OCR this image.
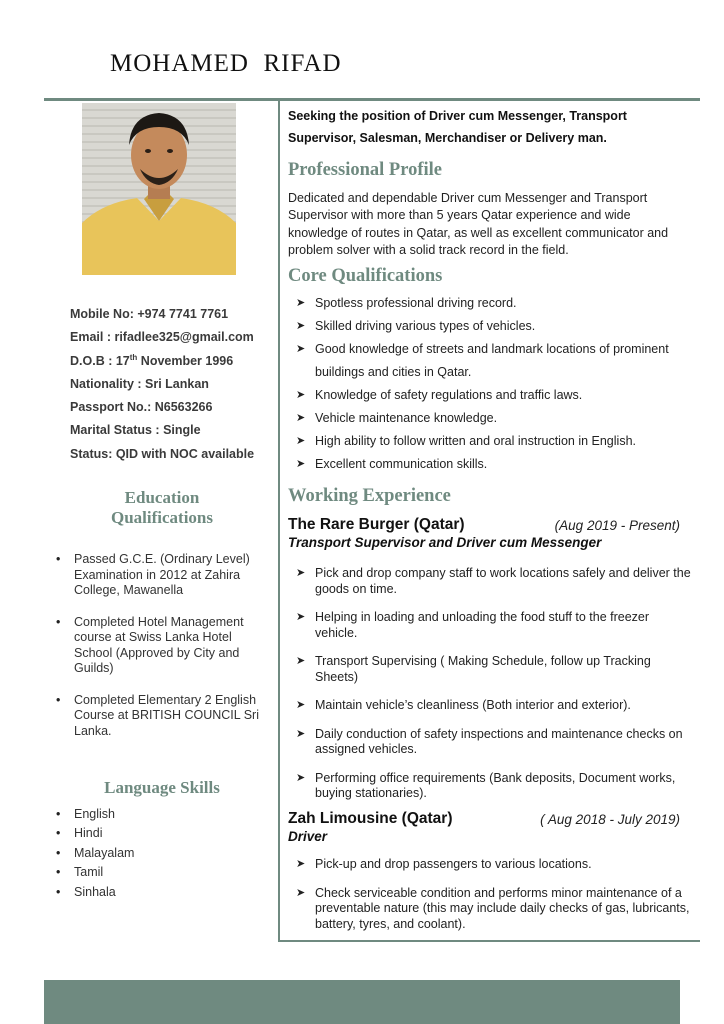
MOHAMED  RIFAD
Mobile No: +974 7741 7761
Email : rifadlee325@gmail.com
D.O.B : 17th November 1996
Nationality : Sri Lankan
Passport No.: N6563266
Marital Status : Single
Status: QID with NOC available
Education
Qualifications
• Passed G.C.E. (Ordinary Level) Examination in 2012 at Zahira College, Mawanella
• Completed Hotel Management course at Swiss Lanka Hotel School (Approved by City and Guilds)
• Completed Elementary 2 English Course at BRITISH COUNCIL Sri Lanka.
Language Skills
• English
• Hindi
• Malayalam
• Tamil
• Sinhala
Seeking the position of Driver cum Messenger, Transport Supervisor, Salesman, Merchandiser or Delivery man.
Professional Profile
Dedicated and dependable Driver cum Messenger and Transport Supervisor with more than 5 years Qatar experience and wide knowledge of routes in Qatar, as well as excellent communicator and problem solver with a solid track record in the field.
Core Qualifications
➤ Spotless professional driving record.
➤ Skilled driving various types of vehicles.
➤ Good knowledge of streets and landmark locations of prominent buildings and cities in Qatar.
➤ Knowledge of safety regulations and traffic laws.
➤ Vehicle maintenance knowledge.
➤ High ability to follow written and oral instruction in English.
➤ Excellent communication skills.
Working Experience
The Rare Burger (Qatar)	(Aug 2019 - Present)
Transport Supervisor and Driver cum Messenger
➤ Pick and drop company staff to work locations safely and deliver the goods on time.
➤ Helping in loading and unloading the food stuff to the freezer vehicle.
➤ Transport Supervising ( Making Schedule, follow up Tracking Sheets)
➤ Maintain vehicle’s cleanliness (Both interior and exterior).
➤ Daily conduction of safety inspections and maintenance checks on assigned vehicles.
➤ Performing office requirements (Bank deposits, Document works, buying stationaries).
Zah Limousine (Qatar)	( Aug 2018 - July 2019)
Driver
➤ Pick-up and drop passengers to various locations.
➤ Check serviceable condition and performs minor maintenance of a preventable nature (this may include daily checks of gas, lubricants, battery, tyres, and coolant).
